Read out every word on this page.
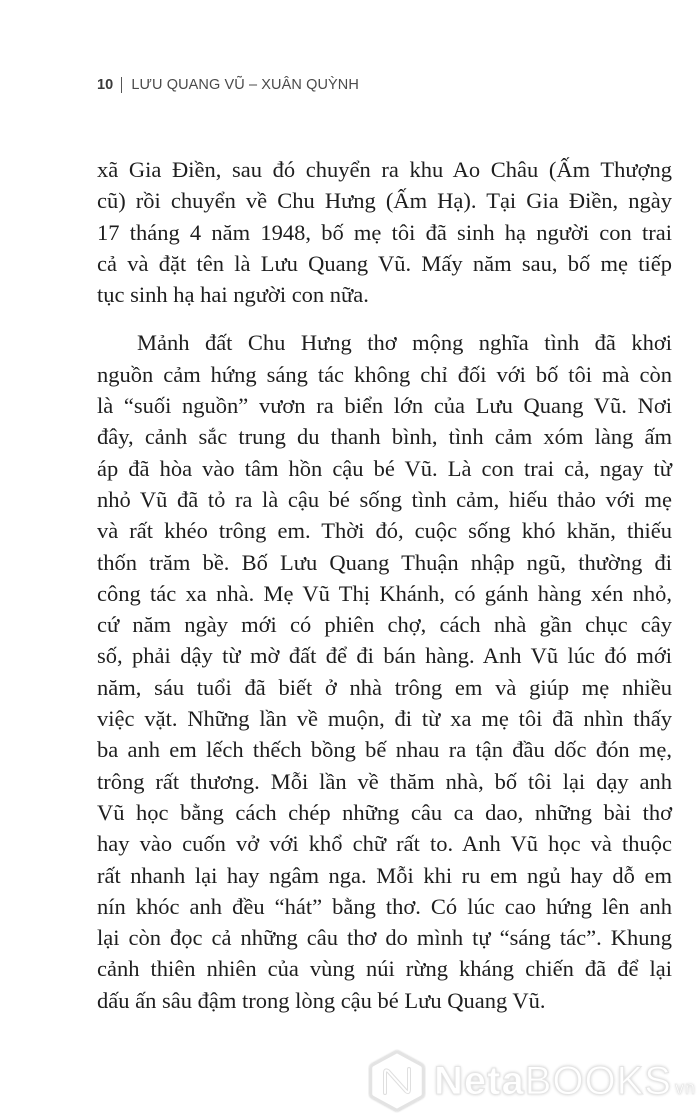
10 LƯU QUANG VŨ – XUÂN QUỲNH
xã Gia Điền, sau đó chuyển ra khu Ao Châu (Ấm Thượng
cũ) rồi chuyển về Chu Hưng (Ấm Hạ). Tại Gia Điền, ngày
17 tháng 4 năm 1948, bố mẹ tôi đã sinh hạ người con trai
cả và đặt tên là Lưu Quang Vũ. Mấy năm sau, bố mẹ tiếp
tục sinh hạ hai người con nữa.
Mảnh đất Chu Hưng thơ mộng nghĩa tình đã khơi
nguồn cảm hứng sáng tác không chỉ đối với bố tôi mà còn
là “suối nguồn” vươn ra biển lớn của Lưu Quang Vũ. Nơi
đây, cảnh sắc trung du thanh bình, tình cảm xóm làng ấm
áp đã hòa vào tâm hồn cậu bé Vũ. Là con trai cả, ngay từ
nhỏ Vũ đã tỏ ra là cậu bé sống tình cảm, hiếu thảo với mẹ
và rất khéo trông em. Thời đó, cuộc sống khó khăn, thiếu
thốn trăm bề. Bố Lưu Quang Thuận nhập ngũ, thường đi
công tác xa nhà. Mẹ Vũ Thị Khánh, có gánh hàng xén nhỏ,
cứ năm ngày mới có phiên chợ, cách nhà gần chục cây
số, phải dậy từ mờ đất để đi bán hàng. Anh Vũ lúc đó mới
năm, sáu tuổi đã biết ở nhà trông em và giúp mẹ nhiều
việc vặt. Những lần về muộn, đi từ xa mẹ tôi đã nhìn thấy
ba anh em lếch thếch bồng bế nhau ra tận đầu dốc đón mẹ,
trông rất thương. Mỗi lần về thăm nhà, bố tôi lại dạy anh
Vũ học bằng cách chép những câu ca dao, những bài thơ
hay vào cuốn vở với khổ chữ rất to. Anh Vũ học và thuộc
rất nhanh lại hay ngâm nga. Mỗi khi ru em ngủ hay dỗ em
nín khóc anh đều “hát” bằng thơ. Có lúc cao hứng lên anh
lại còn đọc cả những câu thơ do mình tự “sáng tác”. Khung
cảnh thiên nhiên của vùng núi rừng kháng chiến đã để lại
dấu ấn sâu đậm trong lòng cậu bé Lưu Quang Vũ.
NetaBOOKS vn
